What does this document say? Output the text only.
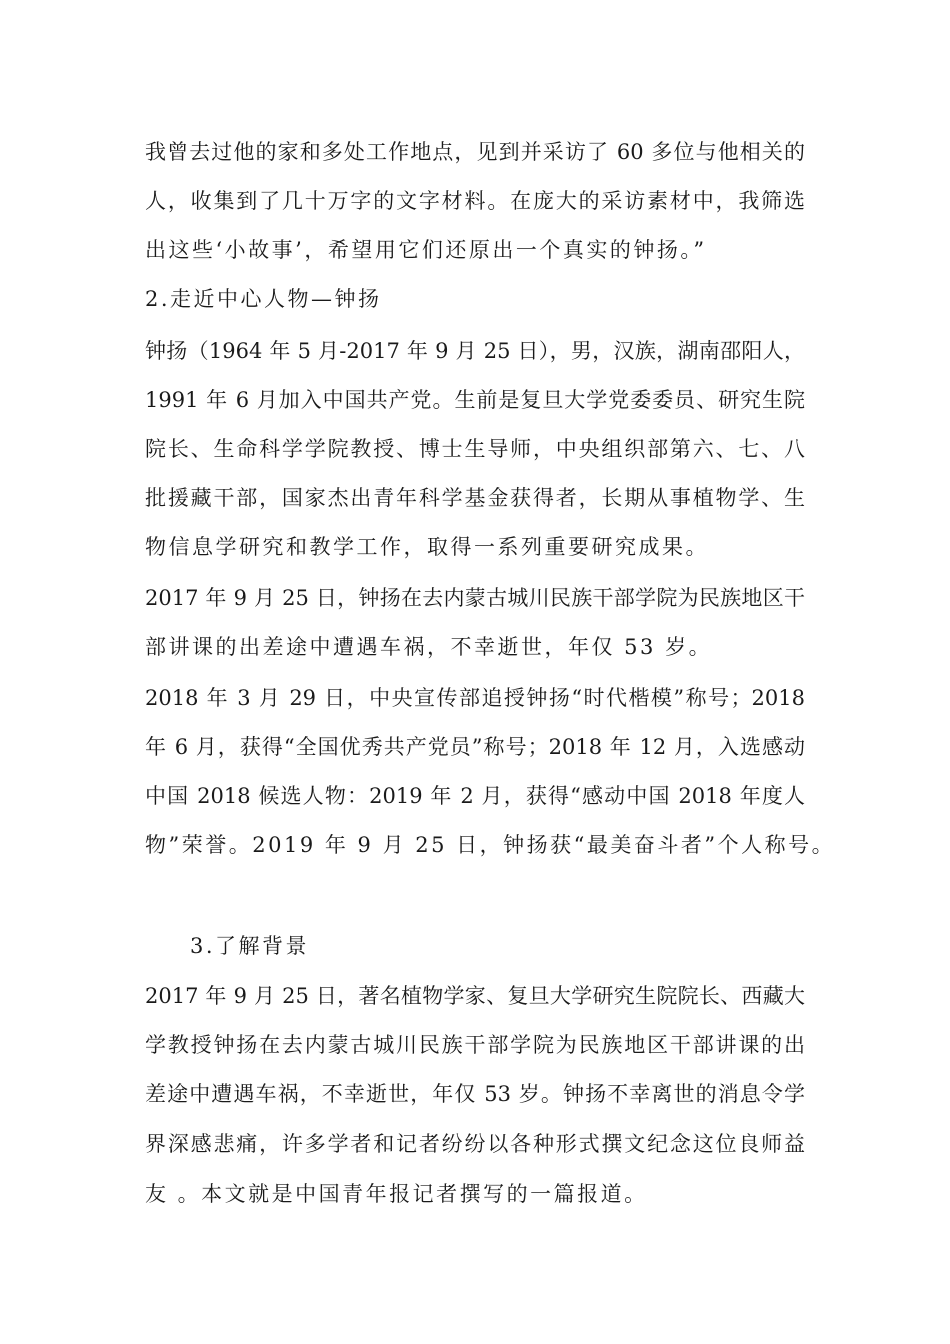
我曾去过他的家和多处工作地点，见到并采访了 60 多位与他相关的
人，收集到了几十万字的文字材料。在庞大的采访素材中，我筛选
出这些‘小故事’，希望用它们还原出一个真实的钟扬。”
2.走近中心人物—钟扬
钟扬（1964 年 5 月-2017 年 9 月 25 日），男，汉族，湖南邵阳人，
1991 年 6 月加入中国共产党。生前是复旦大学党委委员、研究生院
院长、生命科学学院教授、博士生导师，中央组织部第六、七、八
批援藏干部，国家杰出青年科学基金获得者，长期从事植物学、生
物信息学研究和教学工作，取得一系列重要研究成果。
2017 年 9 月 25 日，钟扬在去内蒙古城川民族干部学院为民族地区干
部讲课的出差途中遭遇车祸，不幸逝世，年仅 53 岁。
2018 年 3 月 29 日，中央宣传部追授钟扬“时代楷模”称号；2018
年 6 月，获得“全国优秀共产党员”称号；2018 年 12 月，入选感动
中国 2018 候选人物：2019 年 2 月，获得“感动中国 2018 年度人
物”荣誉。2019 年 9 月 25 日，钟扬获“最美奋斗者”个人称号。
3.了解背景
2017 年 9 月 25 日，著名植物学家、复旦大学研究生院院长、西藏大
学教授钟扬在去内蒙古城川民族干部学院为民族地区干部讲课的出
差途中遭遇车祸，不幸逝世，年仅 53 岁。钟扬不幸离世的消息令学
界深感悲痛，许多学者和记者纷纷以各种形式撰文纪念这位良师益
友 。本文就是中国青年报记者撰写的一篇报道。
